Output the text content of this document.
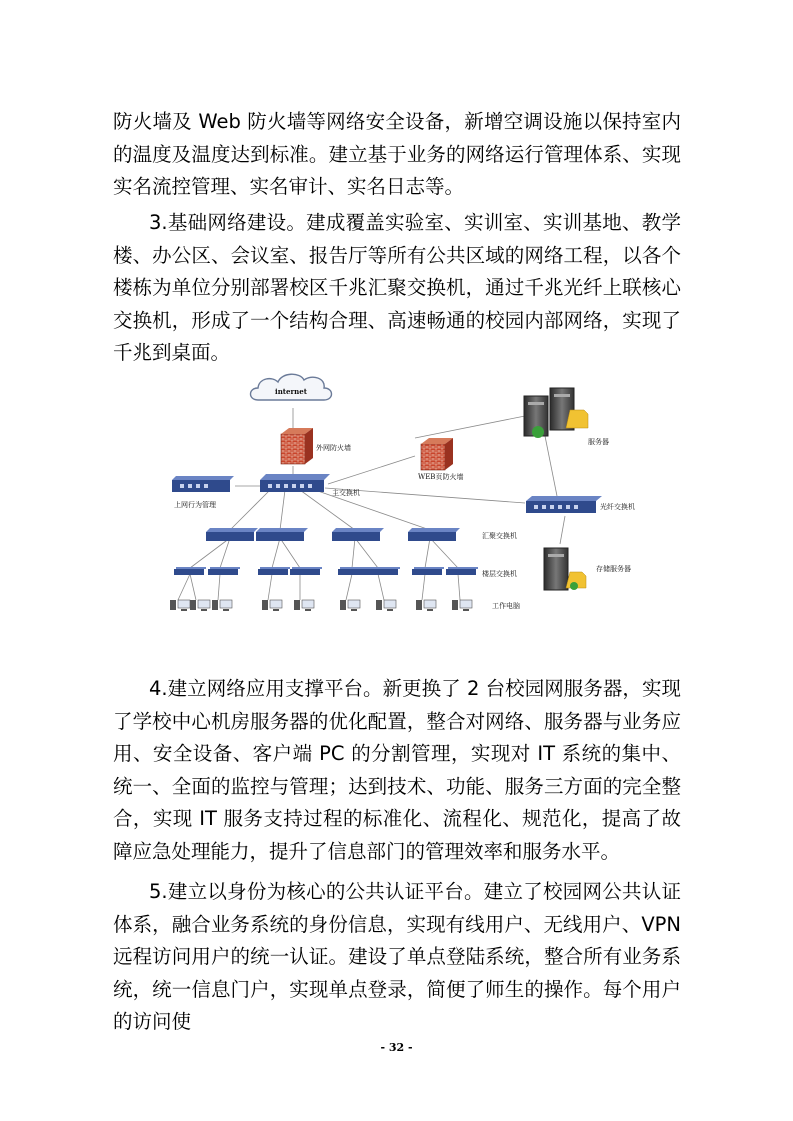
防火墙及 Web 防火墙等网络安全设备，新增空调设施以保持室内的温度及温度达到标准。建立基于业务的网络运行管理体系、实现实名流控管理、实名审计、实名日志等。

3.基础网络建设。建成覆盖实验室、实训室、实训基地、教学楼、办公区、会议室、报告厅等所有公共区域的网络工程，以各个楼栋为单位分别部署校区千兆汇聚交换机，通过千兆光纤上联核心交换机，形成了一个结构合理、高速畅通的校园内部网络，实现了千兆到桌面。

internet
外网防火墙
WEB页防火墙
服务器
上网行为管理
主交换机
光纤交换机
汇聚交换机
存储服务器
楼层交换机
工作电脑

4.建立网络应用支撑平台。新更换了 2 台校园网服务器，实现了学校中心机房服务器的优化配置，整合对网络、服务器与业务应用、安全设备、客户端 PC 的分割管理，实现对 IT 系统的集中、统一、全面的监控与管理；达到技术、功能、服务三方面的完全整合，实现 IT 服务支持过程的标准化、流程化、规范化，提高了故障应急处理能力，提升了信息部门的管理效率和服务水平。

5.建立以身份为核心的公共认证平台。建立了校园网公共认证体系，融合业务系统的身份信息，实现有线用户、无线用户、VPN 远程访问用户的统一认证。建设了单点登陆系统，整合所有业务系统，统一信息门户，实现单点登录，简便了师生的操作。每个用户的访问使

- 32 -
